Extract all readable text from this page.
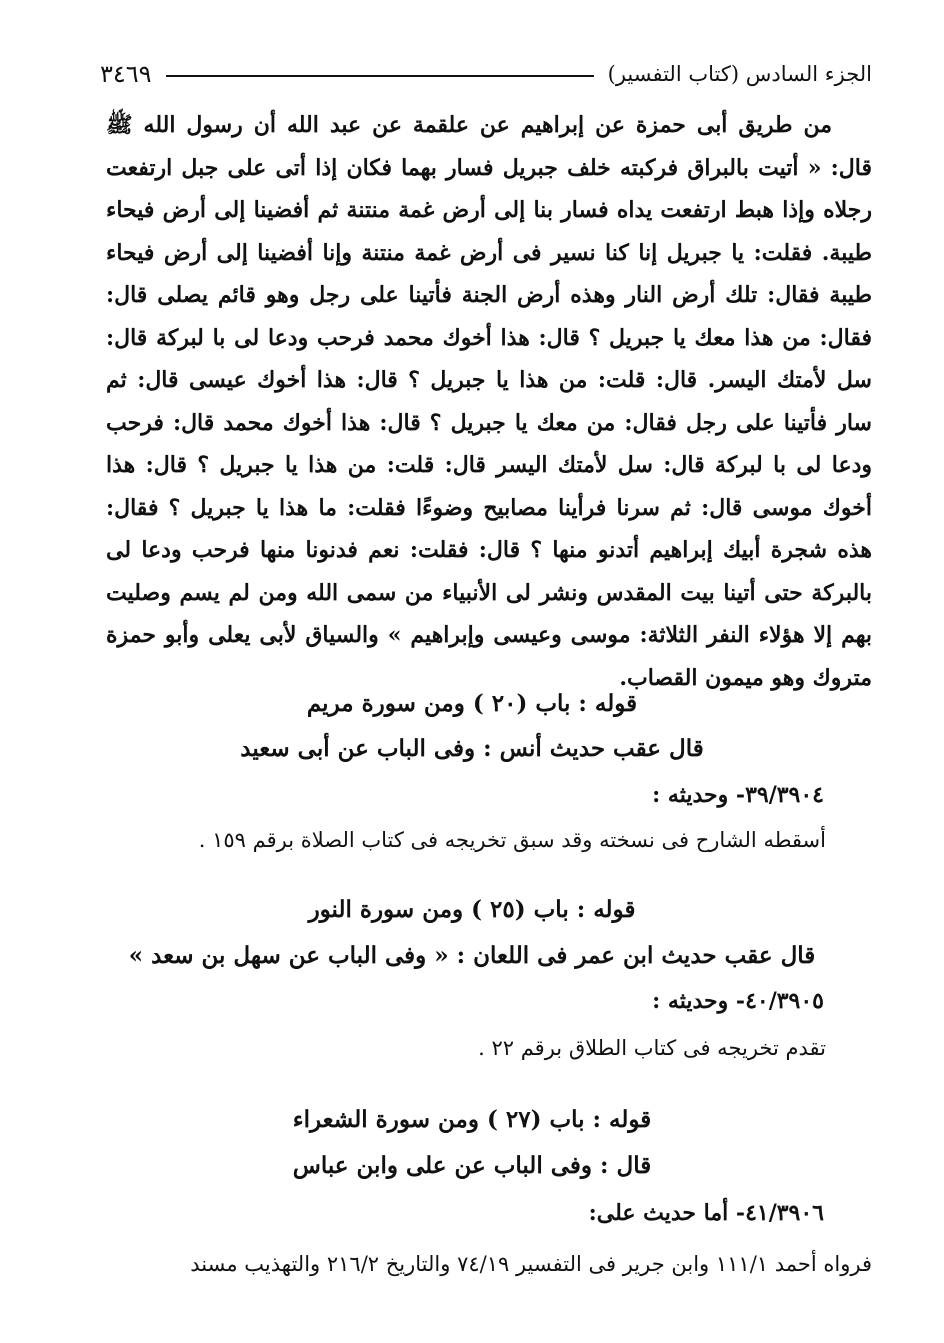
الجزء السادس (كتاب التفسير)
٣٤٦٩

من طريق أبى حمزة عن إبراهيم عن علقمة عن عبد الله أن رسول الله ﷺ قال: « أتيت بالبراق فركبته خلف جبريل فسار بهما فكان إذا أتى على جبل ارتفعت رجلاه وإذا هبط ارتفعت يداه فسار بنا إلى أرض غمة منتنة ثم أفضينا إلى أرض فيحاء طيبة. فقلت: يا جبريل إنا كنا نسير فى أرض غمة منتنة وإنا أفضينا إلى أرض فيحاء طيبة فقال: تلك أرض النار وهذه أرض الجنة فأتينا على رجل وهو قائم يصلى قال: فقال: من هذا معك يا جبريل ؟ قال: هذا أخوك محمد فرحب ودعا لى با لبركة قال: سل لأمتك اليسر. قال: قلت: من هذا يا جبريل ؟ قال: هذا أخوك عيسى قال: ثم سار فأتينا على رجل فقال: من معك يا جبريل ؟ قال: هذا أخوك محمد قال: فرحب ودعا لى با لبركة قال: سل لأمتك اليسر قال: قلت: من هذا يا جبريل ؟ قال: هذا أخوك موسى قال: ثم سرنا فرأينا مصابيح وضوءًا فقلت: ما هذا يا جبريل ؟ فقال: هذه شجرة أبيك إبراهيم أتدنو منها ؟ قال: فقلت: نعم فدنونا منها فرحب ودعا لى بالبركة حتى أتينا بيت المقدس ونشر لى الأنبياء من سمى الله ومن لم يسم وصليت بهم إلا هؤلاء النفر الثلاثة: موسى وعيسى وإبراهيم » والسياق لأبى يعلى وأبو حمزة متروك وهو ميمون القصاب.

قوله : باب (٢٠ ) ومن سورة مريم
قال عقب حديث أنس : وفى الباب عن أبى سعيد
٣٩/٣٩٠٤- وحديثه :
أسقطه الشارح فى نسخته وقد سبق تخريجه فى كتاب الصلاة برقم ١٥٩ .
قوله : باب (٢٥ ) ومن سورة النور
قال عقب حديث ابن عمر فى اللعان : « وفى الباب عن سهل بن سعد »
٤٠/٣٩٠٥- وحديثه :
تقدم تخريجه فى كتاب الطلاق برقم ٢٢ .
قوله : باب (٢٧ ) ومن سورة الشعراء
قال : وفى الباب عن على وابن عباس
٤١/٣٩٠٦- أما حديث على:
فرواه أحمد ١١١/١ وابن جرير فى التفسير ٧٤/١٩ والتاريخ ٢١٦/٢ والتهذيب مسند
